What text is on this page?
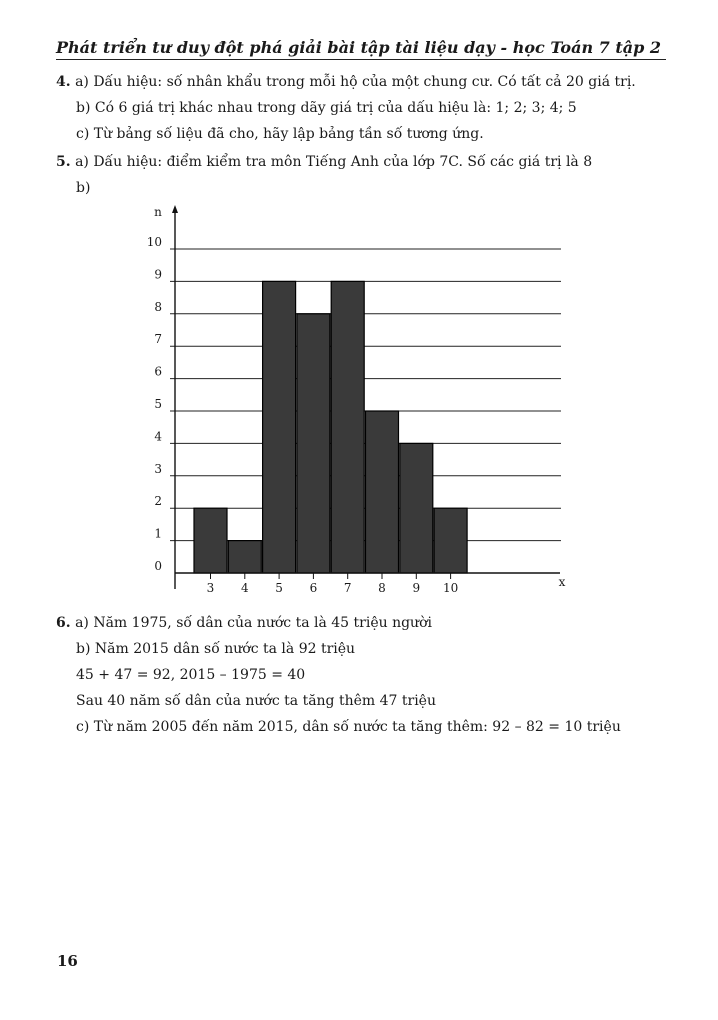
Phát triển tư duy đột phá giải bài tập tài liệu dạy - học Toán 7 tập 2
4. a) Dấu hiệu: số nhân khẩu trong mỗi hộ của một chung cư. Có tất cả 20 giá trị.
b) Có 6 giá trị khác nhau trong dãy giá trị của dấu hiệu là: 1; 2; 3; 4; 5
c) Từ bảng số liệu đã cho, hãy lập bảng tần số tương ứng.
5. a) Dấu hiệu: điểm kiểm tra môn Tiếng Anh của lớp 7C. Số các giá trị là 8
b)
0
1
2
3
4
5
6
7
8
9
10
3 4 5 6 7 8 9 10
n
x
6. a) Năm 1975, số dân của nước ta là 45 triệu người
b) Năm 2015 dân số nước ta là 92 triệu
45 + 47 = 92, 2015 – 1975 = 40
Sau 40 năm số dân của nước ta tăng thêm 47 triệu
c) Từ năm 2005 đến năm 2015, dân số nước ta tăng thêm: 92 – 82 = 10 triệu
16
